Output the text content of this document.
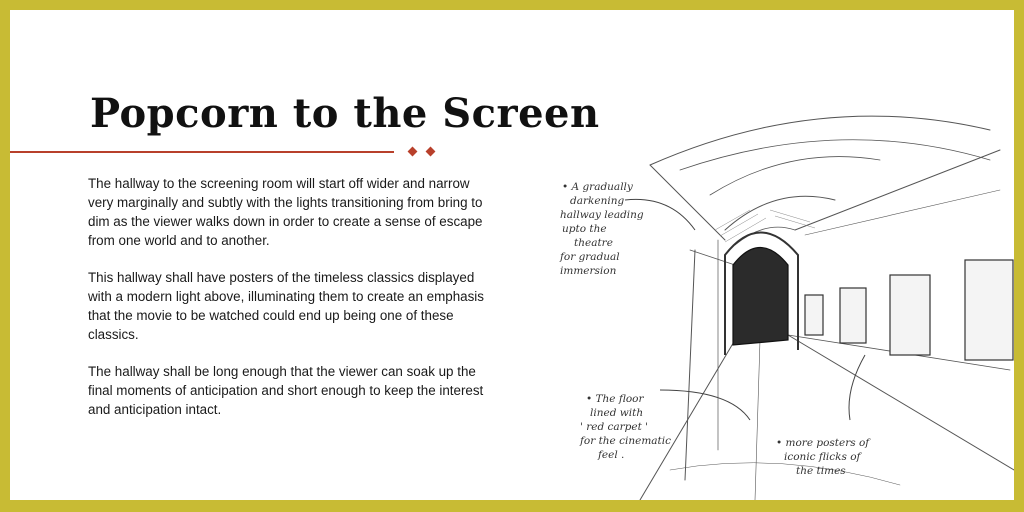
Popcorn to the Screen

The hallway to the screening room will start off wider and narrow very marginally and subtly with the lights transitioning from bring to dim as the viewer walks down in order to create a sense of escape from one world and to another.

This hallway shall have posters of the timeless classics displayed with a modern light above, illuminating them to create an emphasis that the movie to be watched could end up being one of these classics.

The hallway shall be long enough that the viewer can soak up the final moments of anticipation and short enough to keep the interest and anticipation intact.

• A gradually darkening hallway leading upto the theatre for gradual immersion
• The floor lined with ' red carpet ' for the cinematic feel .
• more posters of iconic flicks of the times
